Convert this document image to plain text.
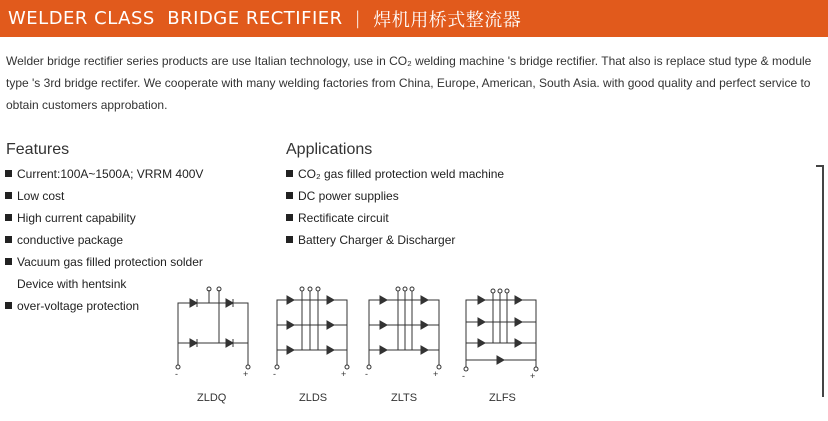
WELDER CLASS  BRIDGE RECTIFIER | 焊机用桥式整流器

Welder bridge rectifier series products are use Italian technology, use in CO₂ welding machine 's bridge rectifier. That also is replace stud type & module type 's 3rd bridge rectifer. We cooperate with many welding factories from China, Europe, American, South Asia. with good quality and perfect service to obtain customers approbation.

Features
Current:100A~1500A; VRRM 400V
Low cost
High current capability
conductive package
Vacuum gas filled protection solder
Device with hentsink
over-voltage protection
Applications
CO₂ gas filled protection weld machine
DC power supplies
Rectificate circuit
Battery Charger & Discharger
-	+
ZLDQ
-	+
ZLDS
-	+
ZLTS
-	+
ZLFS
